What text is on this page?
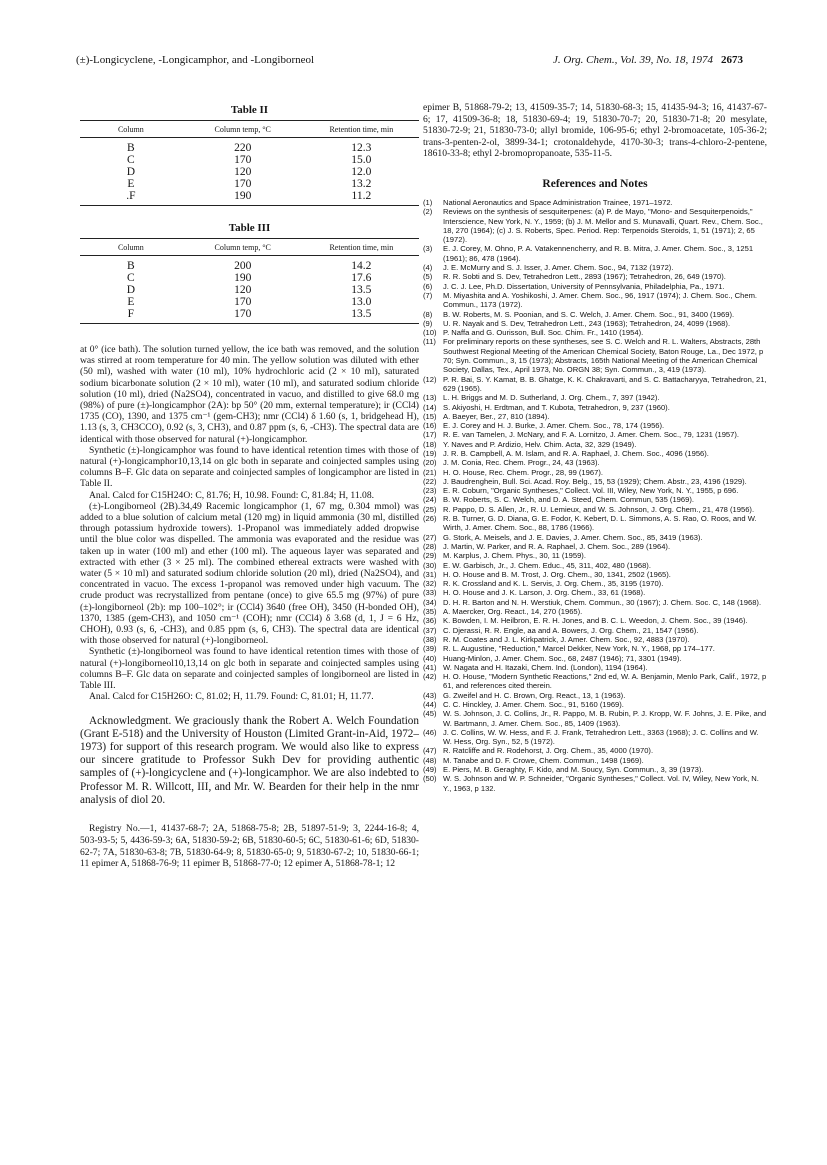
(±)-Longicyclene, -Longicamphor, and -Longiborneol	J. Org. Chem., Vol. 39, No. 18, 1974 2673
Table II
Column	Column temp, °C	Retention time, min
B	220	12.3
C	170	15.0
D	120	12.0
E	170	13.2
.F	190	11.2
Table III
Column	Column temp, °C	Retention time, min
B	200	14.2
C	190	17.6
D	120	13.5
E	170	13.0
F	170	13.5

at 0° (ice bath). The solution turned yellow, the ice bath was removed, and the solution was stirred at room temperature for 40 min. The yellow solution was diluted with ether (50 ml), washed with water (10 ml), 10% hydrochloric acid (2 × 10 ml), saturated sodium bicarbonate solution (2 × 10 ml), water (10 ml), and saturated sodium chloride solution (10 ml), dried (Na2SO4), concentrated in vacuo, and distilled to give 68.0 mg (98%) of pure (±)-longicamphor (2A): bp 50° (20 mm, external temperature); ir (CCl4) 1735 (CO), 1390, and 1375 cm⁻¹ (gem-CH3); nmr (CCl4) δ 1.60 (s, 1, bridgehead H), 1.13 (s, 3, CH3CCO), 0.92 (s, 3, CH3), and 0.87 ppm (s, 6, -CH3). The spectral data are identical with those observed for natural (+)-longicamphor.

Synthetic (±)-longicamphor was found to have identical retention times with those of natural (+)-longicamphor10,13,14 on glc both in separate and coinjected samples using columns B–F. Glc data on separate and coinjected samples of longicamphor are listed in Table II.

Anal. Calcd for C15H24O: C, 81.76; H, 10.98. Found: C, 81.84; H, 11.08.

(±)-Longiborneol (2B).34,49 Racemic longicamphor (1, 67 mg, 0.304 mmol) was added to a blue solution of calcium metal (120 mg) in liquid ammonia (30 ml, distilled through potassium hydroxide towers). 1-Propanol was immediately added dropwise until the blue color was dispelled. The ammonia was evaporated and the residue was taken up in water (100 ml) and ether (100 ml). The aqueous layer was separated and extracted with ether (3 × 25 ml). The combined ethereal extracts were washed with water (5 × 10 ml) and saturated sodium chloride solution (20 ml), dried (Na2SO4), and concentrated in vacuo. The excess 1-propanol was removed under high vacuum. The crude product was recrystallized from pentane (once) to give 65.5 mg (97%) of pure (±)-longiborneol (2b): mp 100–102°; ir (CCl4) 3640 (free OH), 3450 (H-bonded OH), 1370, 1385 (gem-CH3), and 1050 cm⁻¹ (COH); nmr (CCl4) δ 3.68 (d, 1, J = 6 Hz, CHOH), 0.93 (s, 6, -CH3), and 0.85 ppm (s, 6, CH3). The spectral data are identical with those observed for natural (+)-longiborneol.

Synthetic (±)-longiborneol was found to have identical retention times with those of natural (+)-longiborneol10,13,14 on glc both in separate and coinjected samples using columns B–F. Glc data on separate and coinjected samples of longiborneol are listed in Table III.

Anal. Calcd for C15H26O: C, 81.02; H, 11.79. Found: C, 81.01; H, 11.77.

Acknowledgment. We graciously thank the Robert A. Welch Foundation (Grant E-518) and the University of Houston (Limited Grant-in-Aid, 1972–1973) for support of this research program. We would also like to express our sincere gratitude to Professor Sukh Dev for providing authentic samples of (+)-longicyclene and (+)-longicamphor. We are also indebted to Professor M. R. Willcott, III, and Mr. W. Bearden for their help in the nmr analysis of diol 20.

Registry No.—1, 41437-68-7; 2A, 51868-75-8; 2B, 51897-51-9; 3, 2244-16-8; 4, 503-93-5; 5, 4436-59-3; 6A, 51830-59-2; 6B, 51830-60-5; 6C, 51830-61-6; 6D, 51830-62-7; 7A, 51830-63-8; 7B, 51830-64-9; 8, 51830-65-0; 9, 51830-67-2; 10, 51830-66-1; 11 epimer A, 51868-76-9; 11 epimer B, 51868-77-0; 12 epimer A, 51868-78-1; 12

epimer B, 51868-79-2; 13, 41509-35-7; 14, 51830-68-3; 15, 41435-94-3; 16, 41437-67-6; 17, 41509-36-8; 18, 51830-69-4; 19, 51830-70-7; 20, 51830-71-8; 20 mesylate, 51830-72-9; 21, 51830-73-0; allyl bromide, 106-95-6; ethyl 2-bromoacetate, 105-36-2; trans-3-penten-2-ol, 3899-34-1; crotonaldehyde, 4170-30-3; trans-4-chloro-2-pentene, 18610-33-8; ethyl 2-bromopropanoate, 535-11-5.

References and Notes
(1)	National Aeronautics and Space Administration Trainee, 1971–1972.
(2)	Reviews on the synthesis of sesquiterpenes: (a) P. de Mayo, "Mono- and Sesquiterpenoids," Interscience, New York, N. Y., 1959; (b) J. M. Mellor and S. Munavalli, Quart. Rev., Chem. Soc., 18, 270 (1964); (c) J. S. Roberts, Spec. Period. Rep: Terpenoids Steroids, 1, 51 (1971); 2, 65 (1972).
(3)	E. J. Corey, M. Ohno, P. A. Vatakennencherry, and R. B. Mitra, J. Amer. Chem. Soc., 3, 1251 (1961); 86, 478 (1964).
(4)	J. E. McMurry and S. J. Isser, J. Amer. Chem. Soc., 94, 7132 (1972).
(5)	R. R. Sobti and S. Dev, Tetrahedron Lett., 2893 (1967); Tetrahedron, 26, 649 (1970).
(6)	J. C. J. Lee, Ph.D. Dissertation, University of Pennsylvania, Philadelphia, Pa., 1971.
(7)	M. Miyashita and A. Yoshikoshi, J. Amer. Chem. Soc., 96, 1917 (1974); J. Chem. Soc., Chem. Commun., 1173 (1972).
(8)	B. W. Roberts, M. S. Poonian, and S. C. Welch, J. Amer. Chem. Soc., 91, 3400 (1969).
(9)	U. R. Nayak and S. Dev, Tetrahedron Lett., 243 (1963); Tetrahedron, 24, 4099 (1968).
(10) P. Naffa and G. Ourisson, Bull. Soc. Chim. Fr., 1410 (1954).
(11) For preliminary reports on these syntheses, see S. C. Welch and R. L. Walters, Abstracts, 28th Southwest Regional Meeting of the American Chemical Society, Baton Rouge, La., Dec 1972, p 70; Syn. Commun., 3, 15 (1973); Abstracts, 165th National Meeting of the American Chemical Society, Dallas, Tex., April 1973, No. ORGN 38; Syn. Commun., 3, 419 (1973).
(12) P. R. Bai, S. Y. Kamat, B. B. Ghatge, K. K. Chakravarti, and S. C. Battacharyya, Tetrahedron, 21, 629 (1965).
(13) L. H. Briggs and M. D. Sutherland, J. Org. Chem., 7, 397 (1942).
(14) S. Akiyoshi, H. Erdtman, and T. Kubota, Tetrahedron, 9, 237 (1960).
(15) A. Baeyer, Ber., 27, 810 (1894).
(16) E. J. Corey and H. J. Burke, J. Amer. Chem. Soc., 78, 174 (1956).
(17) R. E. van Tamelen, J. McNary, and F. A. Lornitzo, J. Amer. Chem. Soc., 79, 1231 (1957).
(18) Y. Naves and P. Ardizio, Helv. Chim. Acta, 32, 329 (1949).
(19) J. R. B. Campbell, A. M. Islam, and R. A. Raphael, J. Chem. Soc., 4096 (1956).
(20) J. M. Conia, Rec. Chem. Progr., 24, 43 (1963).
(21) H. O. House, Rec. Chem. Progr., 28, 99 (1967).
(22) J. Baudrenghein, Bull. Sci. Acad. Roy. Belg., 15, 53 (1929); Chem. Abstr., 23, 4196 (1929).
(23) E. R. Coburn, "Organic Syntheses," Collect. Vol. III, Wiley, New York, N. Y., 1955, p 696.
(24) B. W. Roberts, S. C. Welch, and D. A. Steed, Chem. Commun, 535 (1969).
(25) R. Pappo, D. S. Allen, Jr., R. U. Lemieux, and W. S. Johnson, J. Org. Chem., 21, 478 (1956).
(26) R. B. Turner, G. D. Diana, G. E. Fodor, K. Kebert, D. L. Simmons, A. S. Rao, O. Roos, and W. Wirth, J. Amer. Chem. Soc., 88, 1786 (1966).
(27) G. Stork, A. Meisels, and J. E. Davies, J. Amer. Chem. Soc., 85, 3419 (1963).
(28) J. Martin, W. Parker, and R. A. Raphael, J. Chem. Soc., 289 (1964).
(29) M. Karplus, J. Chem. Phys., 30, 11 (1959).
(30) E. W. Garbisch, Jr., J. Chem. Educ., 45, 311, 402, 480 (1968).
(31) H. O. House and B. M. Trost, J. Org. Chem., 30, 1341, 2502 (1965).
(32) R. K. Crossland and K. L. Servis, J. Org. Chem., 35, 3195 (1970).
(33) H. O. House and J. K. Larson, J. Org. Chem., 33, 61 (1968).
(34) D. H. R. Barton and N. H. Werstiuk, Chem. Commun., 30 (1967); J. Chem. Soc. C, 148 (1968).
(35) A. Maercker, Org. React., 14, 270 (1965).
(36) K. Bowden, I. M. Heilbron, E. R. H. Jones, and B. C. L. Weedon, J. Chem. Soc., 39 (1946).
(37) C. Djerassi, R. R. Engle, aa and A. Bowers, J. Org. Chem., 21, 1547 (1956).
(38) R. M. Coates and J. L. Kirkpatrick, J. Amer. Chem. Soc., 92, 4883 (1970).
(39) R. L. Augustine, "Reduction," Marcel Dekker, New York, N. Y., 1968, pp 174–177.
(40) Huang-Minlon, J. Amer. Chem. Soc., 68, 2487 (1946); 71, 3301 (1949).
(41) W. Nagata and H. Itazaki, Chem. Ind. (London), 1194 (1964).
(42) H. O. House, "Modern Synthetic Reactions," 2nd ed, W. A. Benjamin, Menlo Park, Calif., 1972, p 61, and references cited therein.
(43) G. Zweifel and H. C. Brown, Org. React., 13, 1 (1963).
(44) C. C. Hinckley, J. Amer. Chem. Soc., 91, 5160 (1969).
(45) W. S. Johnson, J. C. Collins, Jr., R. Pappo, M. B. Rubin, P. J. Kropp, W. F. Johns, J. E. Pike, and W. Bartmann, J. Amer. Chem. Soc., 85, 1409 (1963).
(46) J. C. Collins, W. W. Hess, and F. J. Frank, Tetrahedron Lett., 3363 (1968); J. C. Collins and W. W. Hess, Org. Syn., 52, 5 (1972).
(47) R. Ratcliffe and R. Rodehorst, J. Org. Chem., 35, 4000 (1970).
(48) M. Tanabe and D. F. Crowe, Chem. Commun., 1498 (1969).
(49) E. Piers, M. B. Geraghty, F. Kido, and M. Soucy, Syn. Commun., 3, 39 (1973).
(50) W. S. Johnson and W. P. Schneider, "Organic Syntheses," Collect. Vol. IV, Wiley, New York, N. Y., 1963, p 132.
